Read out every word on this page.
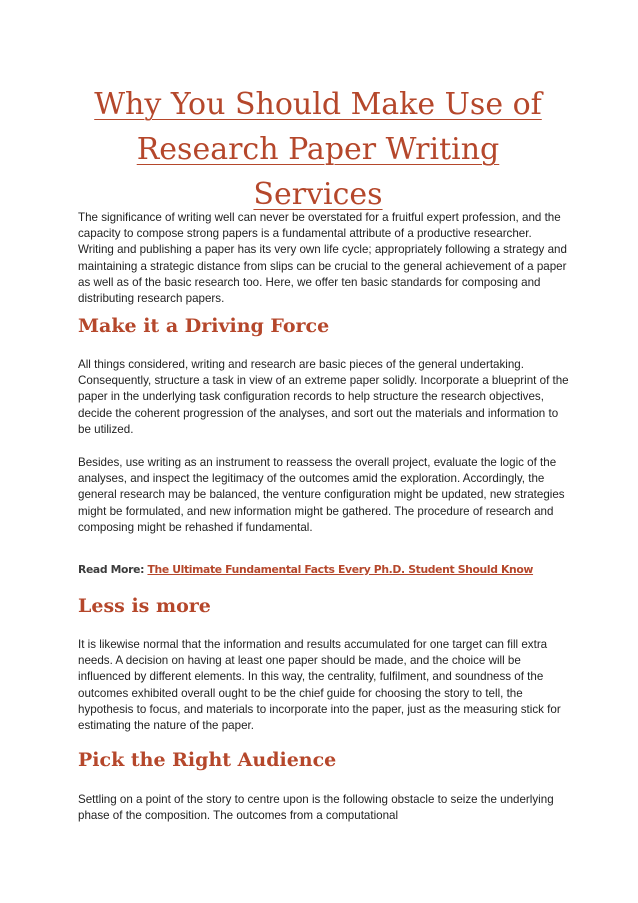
Why You Should Make Use of Research Paper Writing Services

The significance of writing well can never be overstated for a fruitful expert profession, and the capacity to compose strong papers is a fundamental attribute of a productive researcher. Writing and publishing a paper has its very own life cycle; appropriately following a strategy and maintaining a strategic distance from slips can be crucial to the general achievement of a paper as well as of the basic research too. Here, we offer ten basic standards for composing and distributing research papers.

Make it a Driving Force

All things considered, writing and research are basic pieces of the general undertaking. Consequently, structure a task in view of an extreme paper solidly. Incorporate a blueprint of the paper in the underlying task configuration records to help structure the research objectives, decide the coherent progression of the analyses, and sort out the materials and information to be utilized.

Besides, use writing as an instrument to reassess the overall project, evaluate the logic of the analyses, and inspect the legitimacy of the outcomes amid the exploration. Accordingly, the general research may be balanced, the venture configuration might be updated, new strategies might be formulated, and new information might be gathered. The procedure of research and composing might be rehashed if fundamental.

Read More: The Ultimate Fundamental Facts Every Ph.D. Student Should Know

Less is more

It is likewise normal that the information and results accumulated for one target can fill extra needs. A decision on having at least one paper should be made, and the choice will be influenced by different elements. In this way, the centrality, fulfilment, and soundness of the outcomes exhibited overall ought to be the chief guide for choosing the story to tell, the hypothesis to focus, and materials to incorporate into the paper, just as the measuring stick for estimating the nature of the paper.

Pick the Right Audience

Settling on a point of the story to centre upon is the following obstacle to seize the underlying phase of the composition. The outcomes from a computational
